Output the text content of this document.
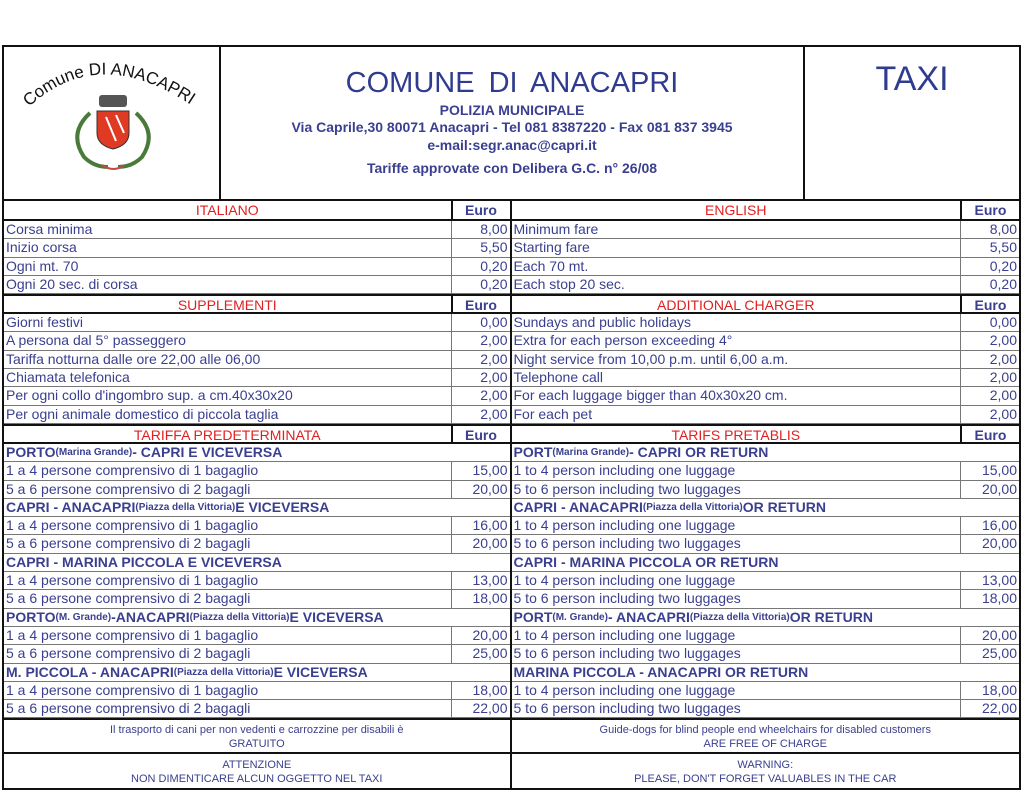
Comune DI ANACAPRI	COMUNE DI ANACAPRI
POLIZIA MUNICIPALE
Via Caprile,30 80071 Anacapri - Tel 081 8387220 - Fax 081 837 3945
e-mail:segr.anac@capri.it
Tariffe approvate con Delibera G.C. n° 26/08
TAXI
ITALIANO	Euro
Corsa minima	8,00
Inizio corsa	5,50
Ogni mt. 70	0,20
Ogni 20 sec. di corsa	0,20
SUPPLEMENTI	Euro
Giorni festivi	0,00
A persona dal 5° passeggero	2,00
Tariffa notturna dalle ore 22,00 alle 06,00	2,00
Chiamata telefonica	2,00
Per ogni collo d'ingombro sup. a cm.40x30x20	2,00
Per ogni animale domestico di piccola taglia	2,00
TARIFFA PREDETERMINATA	Euro
PORTO (Marina Grande) - CAPRI E VICEVERSA
1 a 4 persone comprensivo di 1 bagaglio	15,00
5 a 6 persone comprensivo di 2 bagagli	20,00
CAPRI - ANACAPRI (Piazza della Vittoria) E VICEVERSA
1 a 4 persone comprensivo di 1 bagaglio	16,00
5 a 6 persone comprensivo di 2 bagagli	20,00
CAPRI - MARINA PICCOLA E VICEVERSA
1 a 4 persone comprensivo di 1 bagaglio	13,00
5 a 6 persone comprensivo di 2 bagagli	18,00
PORTO (M. Grande) -ANACAPRI (Piazza della Vittoria) E VICEVERSA
1 a 4 persone comprensivo di 1 bagaglio	20,00
5 a 6 persone comprensivo di 2 bagagli	25,00
M. PICCOLA - ANACAPRI (Piazza della Vittoria) E VICEVERSA
1 a 4 persone comprensivo di 1 bagaglio	18,00
5 a 6 persone comprensivo di 2 bagagli	22,00
Il trasporto di cani per non vedenti e carrozzine per disabili è
GRATUITO
ATTENZIONE
NON DIMENTICARE ALCUN OGGETTO NEL TAXI
ENGLISH	Euro
Minimum fare	8,00
Starting fare	5,50
Each 70 mt.	0,20
Each stop 20 sec.	0,20
ADDITIONAL CHARGER	Euro
Sundays and public holidays	0,00
Extra for each person exceeding 4°	2,00
Night service from 10,00 p.m. until 6,00 a.m.	2,00
Telephone call	2,00
For each luggage bigger than 40x30x20 cm.	2,00
For each pet	2,00
TARIFS PRETABLIS	Euro
PORT (Marina Grande) - CAPRI OR RETURN
1 to 4 person including one luggage	15,00
5 to 6 person including two luggages	20,00
CAPRI - ANACAPRI (Piazza della Vittoria) OR RETURN
1 to 4 person including one luggage	16,00
5 to 6 person including two luggages	20,00
CAPRI - MARINA PICCOLA OR RETURN
1 to 4 person including one luggage	13,00
5 to 6 person including two luggages	18,00
PORT (M. Grande) - ANACAPRI (Piazza della Vittoria) OR RETURN
1 to 4 person including one luggage	20,00
5 to 6 person including two luggages	25,00
MARINA PICCOLA - ANACAPRI OR RETURN
1 to 4 person including one luggage	18,00
5 to 6 person including two luggages	22,00
Guide-dogs for blind people end wheelchairs for disabled customers
ARE FREE OF CHARGE
WARNING:
PLEASE, DON'T FORGET VALUABLES IN THE CAR
